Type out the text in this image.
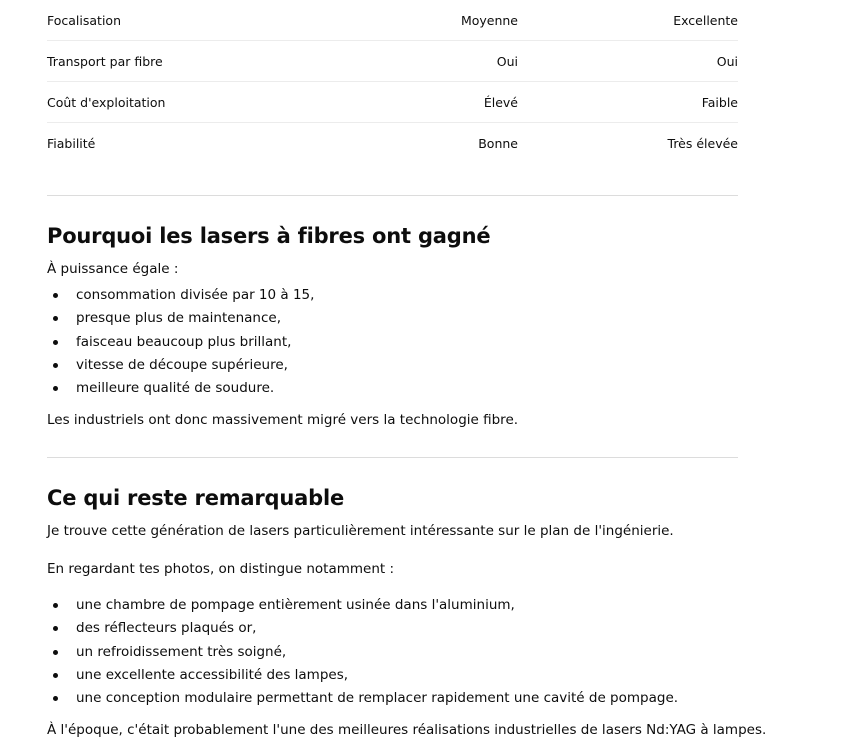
Focalisation	Moyenne	Excellente
Transport par fibre	Oui	Oui
Coût d'exploitation	Élevé	Faible
Fiabilité	Bonne	Très élevée
Pourquoi les lasers à fibres ont gagné

À puissance égale :

consommation divisée par 10 à 15,
presque plus de maintenance,
faisceau beaucoup plus brillant,
vitesse de découpe supérieure,
meilleure qualité de soudure.

Les industriels ont donc massivement migré vers la technologie fibre.

Ce qui reste remarquable

Je trouve cette génération de lasers particulièrement intéressante sur le plan de l'ingénierie.

En regardant tes photos, on distingue notamment :

une chambre de pompage entièrement usinée dans l'aluminium,
des réflecteurs plaqués or,
un refroidissement très soigné,
une excellente accessibilité des lampes,
une conception modulaire permettant de remplacer rapidement une cavité de pompage.

À l'époque, c'était probablement l'une des meilleures réalisations industrielles de lasers Nd:YAG à lampes.
